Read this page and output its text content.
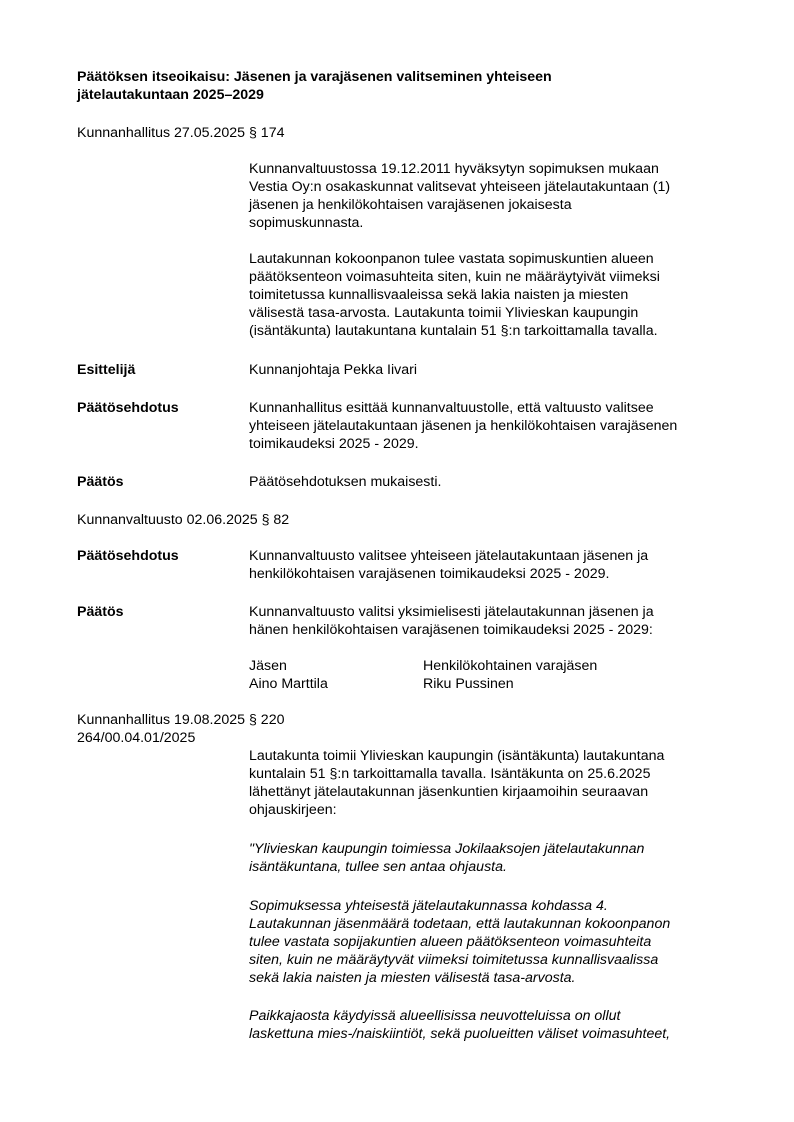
Päätöksen itseoikaisu: Jäsenen ja varajäsenen valitseminen yhteiseen
jätelautakuntaan 2025–2029
Kunnanhallitus 27.05.2025 § 174
Kunnanvaltuustossa 19.12.2011 hyväksytyn sopimuksen mukaan
Vestia Oy:n osakaskunnat valitsevat yhteiseen jätelautakuntaan (1)
jäsenen ja henkilökohtaisen varajäsenen jokaisesta
sopimuskunnasta.
Lautakunnan kokoonpanon tulee vastata sopimuskuntien alueen
päätöksenteon voimasuhteita siten, kuin ne määräytyivät viimeksi
toimitetussa kunnallisvaaleissa sekä lakia naisten ja miesten
välisestä tasa-arvosta. Lautakunta toimii Ylivieskan kaupungin
(isäntäkunta) lautakuntana kuntalain 51 §:n tarkoittamalla tavalla.
Esittelijä	Kunnanjohtaja Pekka Iivari
Päätösehdotus	Kunnanhallitus esittää kunnanvaltuustolle, että valtuusto valitsee
yhteiseen jätelautakuntaan jäsenen ja henkilökohtaisen varajäsenen
toimikaudeksi 2025 - 2029.
Päätös	Päätösehdotuksen mukaisesti.
Kunnanvaltuusto 02.06.2025 § 82
Päätösehdotus	Kunnanvaltuusto valitsee yhteiseen jätelautakuntaan jäsenen ja
henkilökohtaisen varajäsenen toimikaudeksi 2025 - 2029.
Päätös	Kunnanvaltuusto valitsi yksimielisesti jätelautakunnan jäsenen ja
hänen henkilökohtaisen varajäsenen toimikaudeksi 2025 - 2029:
Jäsen	Henkilökohtainen varajäsen
Aino Marttila	Riku Pussinen
Kunnanhallitus 19.08.2025 § 220
264/00.04.01/2025
Lautakunta toimii Ylivieskan kaupungin (isäntäkunta) lautakuntana
kuntalain 51 §:n tarkoittamalla tavalla. Isäntäkunta on 25.6.2025
lähettänyt jätelautakunnan jäsenkuntien kirjaamoihin seuraavan
ohjauskirjeen:
"Ylivieskan kaupungin toimiessa Jokilaaksojen jätelautakunnan
isäntäkuntana, tullee sen antaa ohjausta.
Sopimuksessa yhteisestä jätelautakunnassa kohdassa 4.
Lautakunnan jäsenmäärä todetaan, että lautakunnan kokoonpanon
tulee vastata sopijakuntien alueen päätöksenteon voimasuhteita
siten, kuin ne määräytyvät viimeksi toimitetussa kunnallisvaalissa
sekä lakia naisten ja miesten välisestä tasa-arvosta.
Paikkajaosta käydyissä alueellisissa neuvotteluissa on ollut
laskettuna mies-/naiskiintiöt, sekä puolueitten väliset voimasuhteet,
